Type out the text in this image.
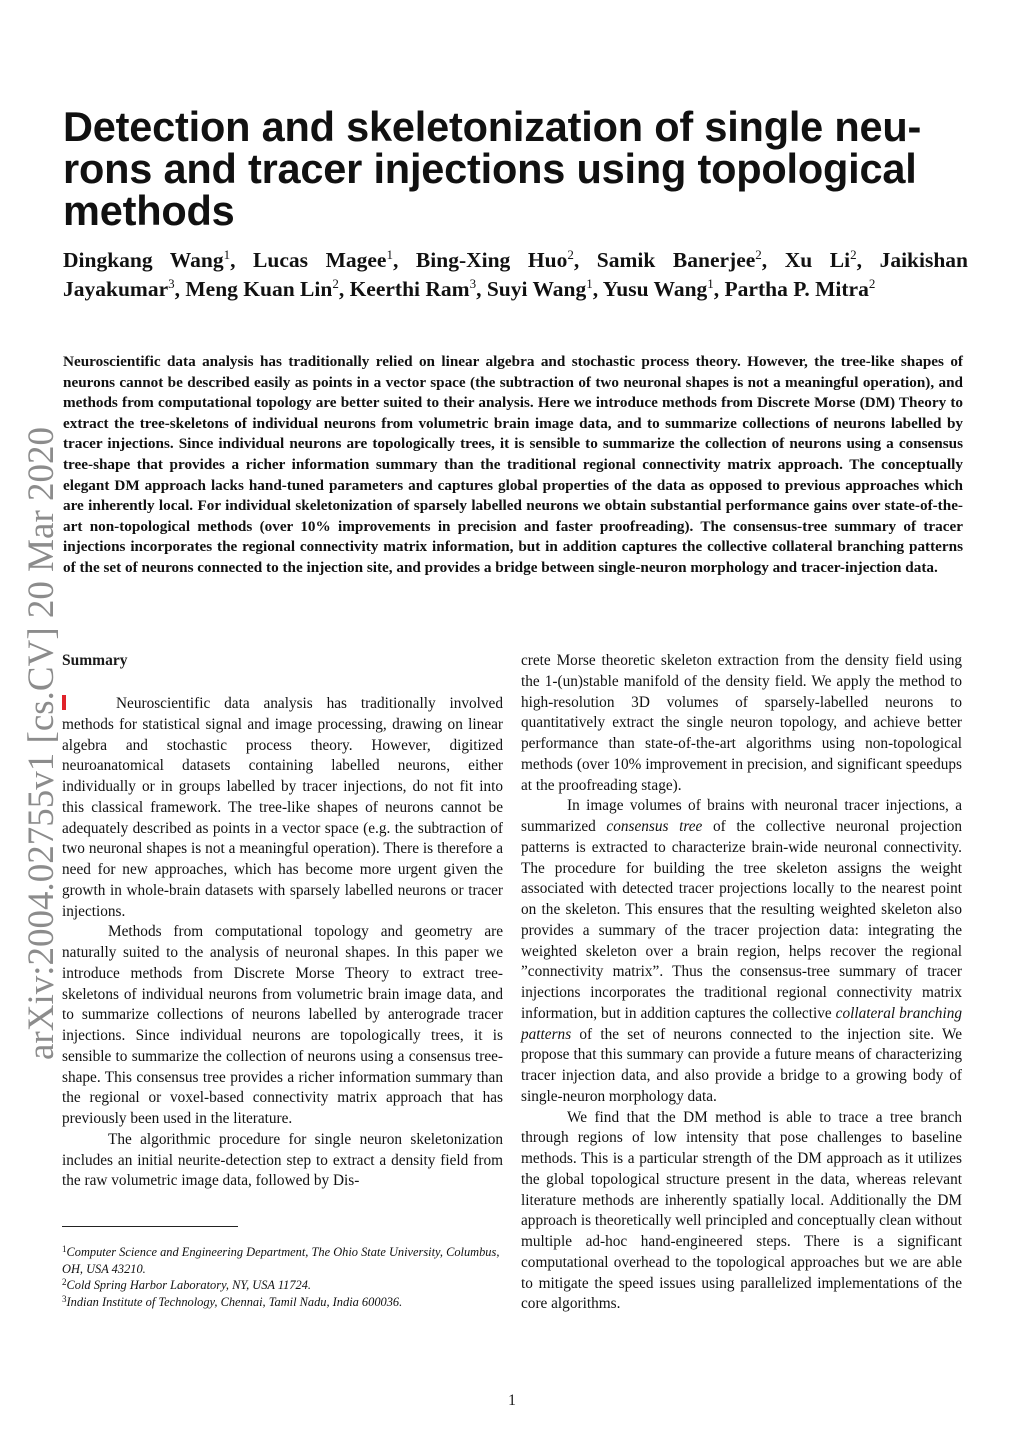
arXiv:2004.02755v1 [cs.CV] 20 Mar 2020
Detection and skeletonization of single neu-rons and tracer injections using topological methods
Dingkang Wang$^1$, Lucas Magee$^1$, Bing-Xing Huo$^2$, Samik Banerjee$^2$, Xu Li$^2$, Jaikishan Jayakumar$^3$, Meng Kuan Lin$^2$, Keerthi Ram$^3$, Suyi Wang$^1$, Yusu Wang$^1$, Partha P. Mitra$^2$
Neuroscientific data analysis has traditionally relied on linear algebra and stochastic process theory. However, the tree-like shapes of neurons cannot be described easily as points in a vector space (the subtraction of two neuronal shapes is not a meaningful operation), and methods from computational topology are better suited to their analysis. Here we introduce methods from Discrete Morse (DM) Theory to extract the tree-skeletons of individual neurons from volumetric brain image data, and to summarize collections of neurons labelled by tracer injections. Since individual neurons are topologically trees, it is sensible to summarize the collection of neurons using a consensus tree-shape that provides a richer information summary than the traditional regional connectivity matrix approach. The conceptually elegant DM approach lacks hand-tuned parameters and captures global properties of the data as opposed to previous approaches which are inherently local. For individual skeletonization of sparsely labelled neurons we obtain substantial performance gains over state-of-the-art non-topological methods (over 10% improvements in precision and faster proofreading). The consensus-tree summary of tracer injections incorporates the regional connectivity matrix information, but in addition captures the collective collateral branching patterns of the set of neurons connected to the injection site, and provides a bridge between single-neuron morphology and tracer-injection data.
Summary

Neuroscientific data analysis has traditionally involved methods for statistical signal and image processing, drawing on linear algebra and stochastic process theory. However, digitized neuroanatomical datasets containing labelled neurons, either individually or in groups labelled by tracer injections, do not fit into this classical framework. The tree-like shapes of neurons cannot be adequately described as points in a vector space (e.g. the subtraction of two neuronal shapes is not a meaningful operation). There is therefore a need for new approaches, which has become more urgent given the growth in whole-brain datasets with sparsely labelled neurons or tracer injections.

Methods from computational topology and geometry are naturally suited to the analysis of neuronal shapes. In this paper we introduce methods from Discrete Morse Theory to extract tree-skeletons of individual neurons from volumetric brain image data, and to summarize collections of neurons labelled by anterograde tracer injections. Since individual neurons are topologically trees, it is sensible to summarize the collection of neurons using a consensus tree-shape. This consensus tree provides a richer information summary than the regional or voxel-based connectivity matrix approach that has previously been used in the literature.

The algorithmic procedure for single neuron skeletonization includes an initial neurite-detection step to extract a density field from the raw volumetric image data, followed by Dis-

$^1$Computer Science and Engineering Department, The Ohio State University, Columbus, OH, USA 43210.

$^2$Cold Spring Harbor Laboratory, NY, USA 11724.

$^3$Indian Institute of Technology, Chennai, Tamil Nadu, India 600036.

crete Morse theoretic skeleton extraction from the density field using the 1-(un)stable manifold of the density field. We apply the method to high-resolution 3D volumes of sparsely-labelled neurons to quantitatively extract the single neuron topology, and achieve better performance than state-of-the-art algorithms using non-topological methods (over 10% improvement in precision, and significant speedups at the proofreading stage).

In image volumes of brains with neuronal tracer injections, a summarized consensus tree of the collective neuronal projection patterns is extracted to characterize brain-wide neuronal connectivity. The procedure for building the tree skeleton assigns the weight associated with detected tracer projections locally to the nearest point on the skeleton. This ensures that the resulting weighted skeleton also provides a summary of the tracer projection data: integrating the weighted skeleton over a brain region, helps recover the regional ”connectivity matrix”. Thus the consensus-tree summary of tracer injections incorporates the traditional regional connectivity matrix information, but in addition captures the collective collateral branching patterns of the set of neurons connected to the injection site. We propose that this summary can provide a future means of characterizing tracer injection data, and also provide a bridge to a growing body of single-neuron morphology data.

We find that the DM method is able to trace a tree branch through regions of low intensity that pose challenges to baseline methods. This is a particular strength of the DM approach as it utilizes the global topological structure present in the data, whereas relevant literature methods are inherently spatially local. Additionally the DM approach is theoretically well principled and conceptually clean without multiple ad-hoc hand-engineered steps. There is a significant computational overhead to the topological approaches but we are able to mitigate the speed issues using parallelized implementations of the core algorithms.

1
